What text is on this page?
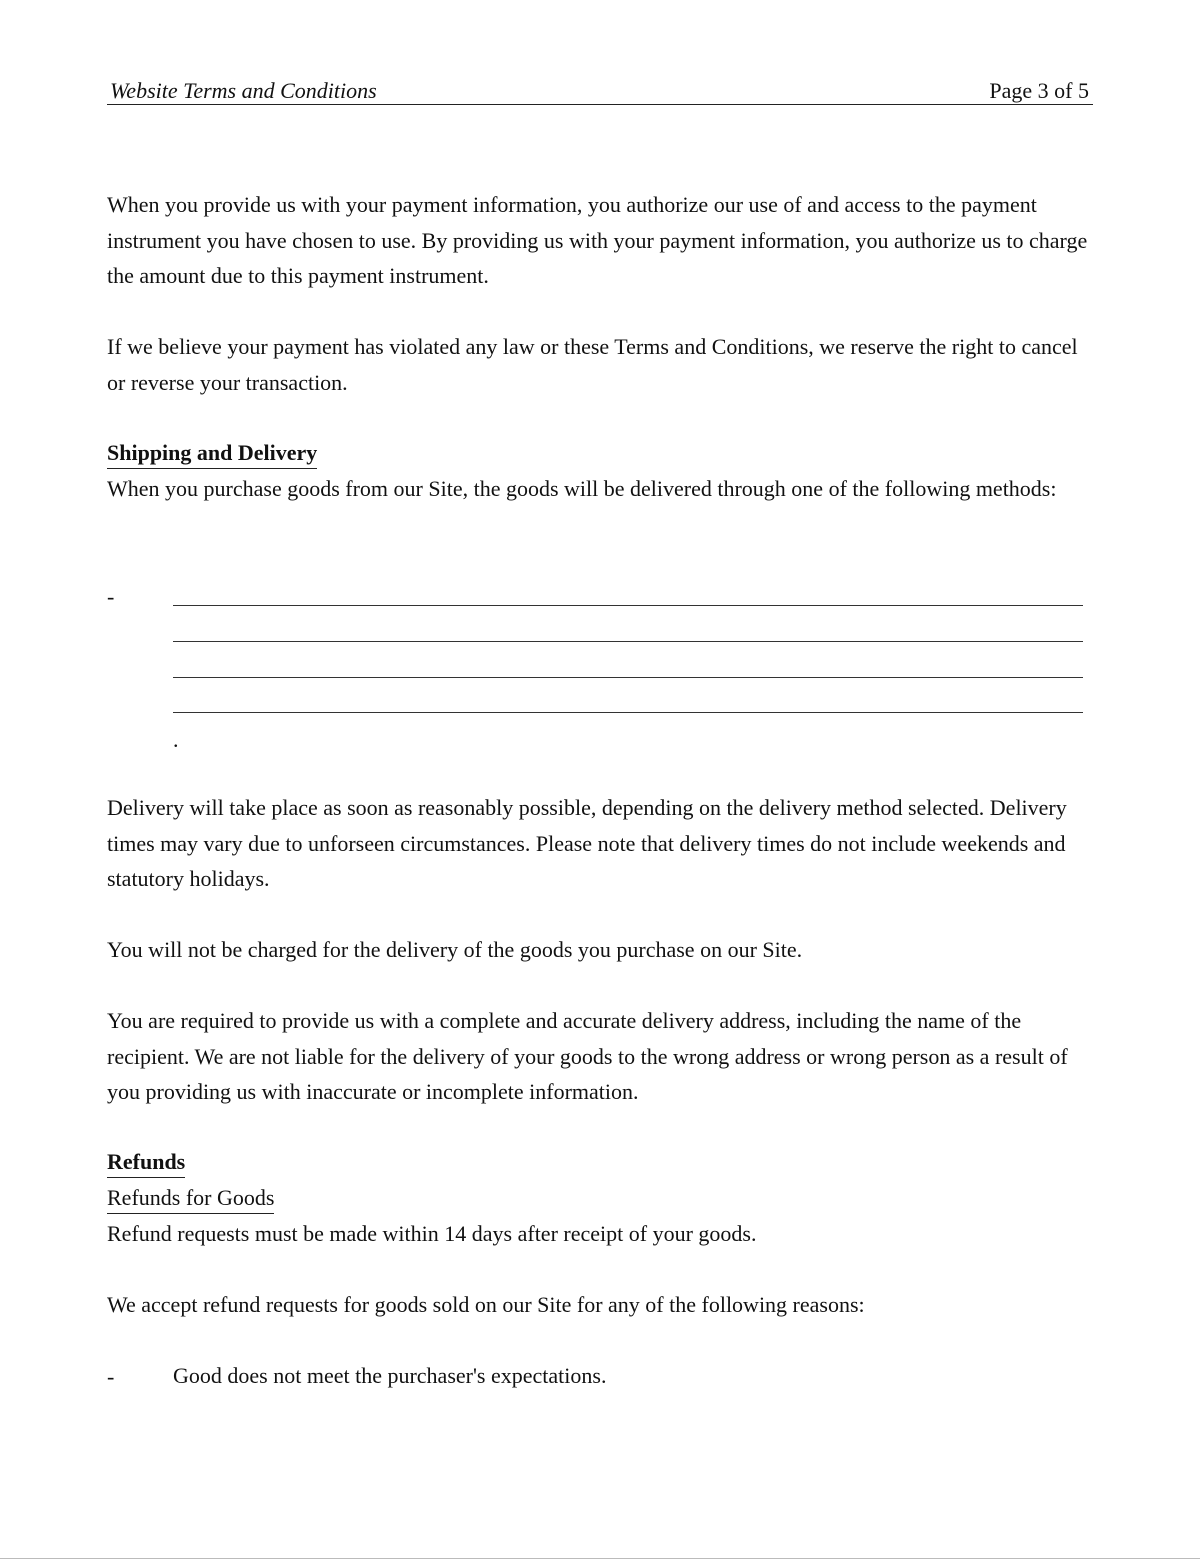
Website Terms and Conditions	Page 3 of 5
When you provide us with your payment information, you authorize our use of and access to the payment instrument you have chosen to use. By providing us with your payment information, you authorize us to charge the amount due to this payment instrument.
If we believe your payment has violated any law or these Terms and Conditions, we reserve the right to cancel or reverse your transaction.
Shipping and Delivery
When you purchase goods from our Site, the goods will be delivered through one of the following methods:
-
.
Delivery will take place as soon as reasonably possible, depending on the delivery method selected. Delivery times may vary due to unforseen circumstances. Please note that delivery times do not include weekends and statutory holidays.
You will not be charged for the delivery of the goods you purchase on our Site.
You are required to provide us with a complete and accurate delivery address, including the name of the recipient. We are not liable for the delivery of your goods to the wrong address or wrong person as a result of you providing us with inaccurate or incomplete information.
Refunds
Refunds for Goods
Refund requests must be made within 14 days after receipt of your goods.
We accept refund requests for goods sold on our Site for any of the following reasons:
-	Good does not meet the purchaser's expectations.
